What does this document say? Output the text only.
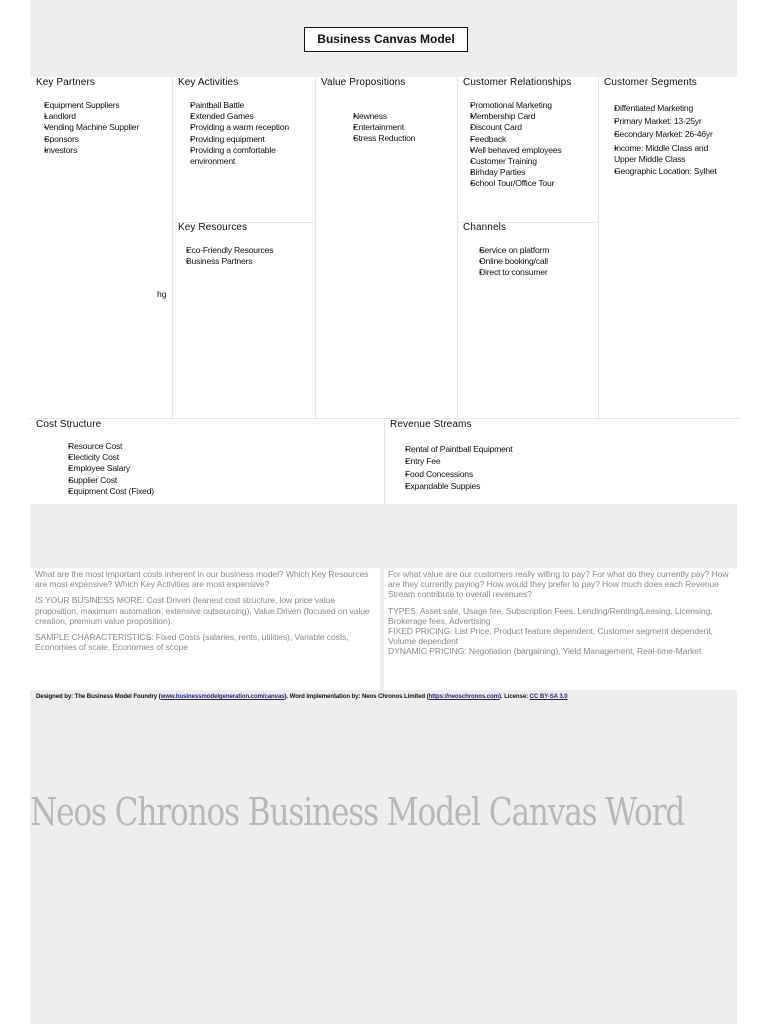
Business Canvas Model
Key Partners
• Equipment Suppliers
• Landlord
• Vending Machine Supplier
• Sponsors
• Investors
hg
Key Activities
• Paintball Battle
• Extended Games
• Providing a warm reception
• Providing equipment
• Providing a comfortable
environment
Key Resources
• Eco-Friendly Resources
• Business Partners
Value Propositions
• Newness
• Entertainment
• Stress Reduction
Customer Relationships
• Promotional Marketing
• Membership Card
• Discount Card
• Feedback
• Well behaved employees
• Customer Training
• Birhday Parties
• School Tour/Office Tour
Channels
• Service on platform
• Online booking/call
• Direct to consumer
Customer Segments
• Diffentiated Marketing
• Primary Market: 13-25yr
• Secondary Market: 26-46yr
• Income: Middle Class and
Upper Middle Class
• Geographic Location: Sylhet
Cost Structure
• Resource Cost
• Electicity Cost
• Employee Salary
• Supplier Cost
• Equipment Cost (Fixed)
Revenue Streams
• Rental of Paintball Equipment
• Entry Fee
• Food Concessions
• Expandable Suppies

What are the most important costs inherent in our business model? Which Key Resources are most expensive? Which Key Activities are most expensive?

IS YOUR BUSINESS MORE: Cost Driven (leanest cost structure, low price value proposition, maximum automation, extensive outsourcing), Value Driven (focused on value creation, premium value proposition).

SAMPLE CHARACTERISTICS: Fixed Costs (salaries, rents, utilities), Variable costs, Economies of scale, Economies of scope

For what value are our customers really willing to pay? For what do they currently pay? How are they currently paying? How would they prefer to pay? How much does each Revenue Stream contribute to overall revenues?

TYPES: Asset sale, Usage fee, Subscription Fees, Lending/Renting/Leasing, Licensing, Brokerage fees, Advertising

FIXED PRICING: List Price, Product feature dependent, Customer segment dependent, Volume dependent

DYNAMIC PRICING: Negotiation (bargaining), Yield Management, Real-time-Market

Designed by: The Business Model Foundry (www.businessmodelgeneration.com/canvas). Word implementation by: Neos Chronos Limited (https://neoschronos.com). License: CC BY-SA 3.0
Neos Chronos Business Model Canvas Word
